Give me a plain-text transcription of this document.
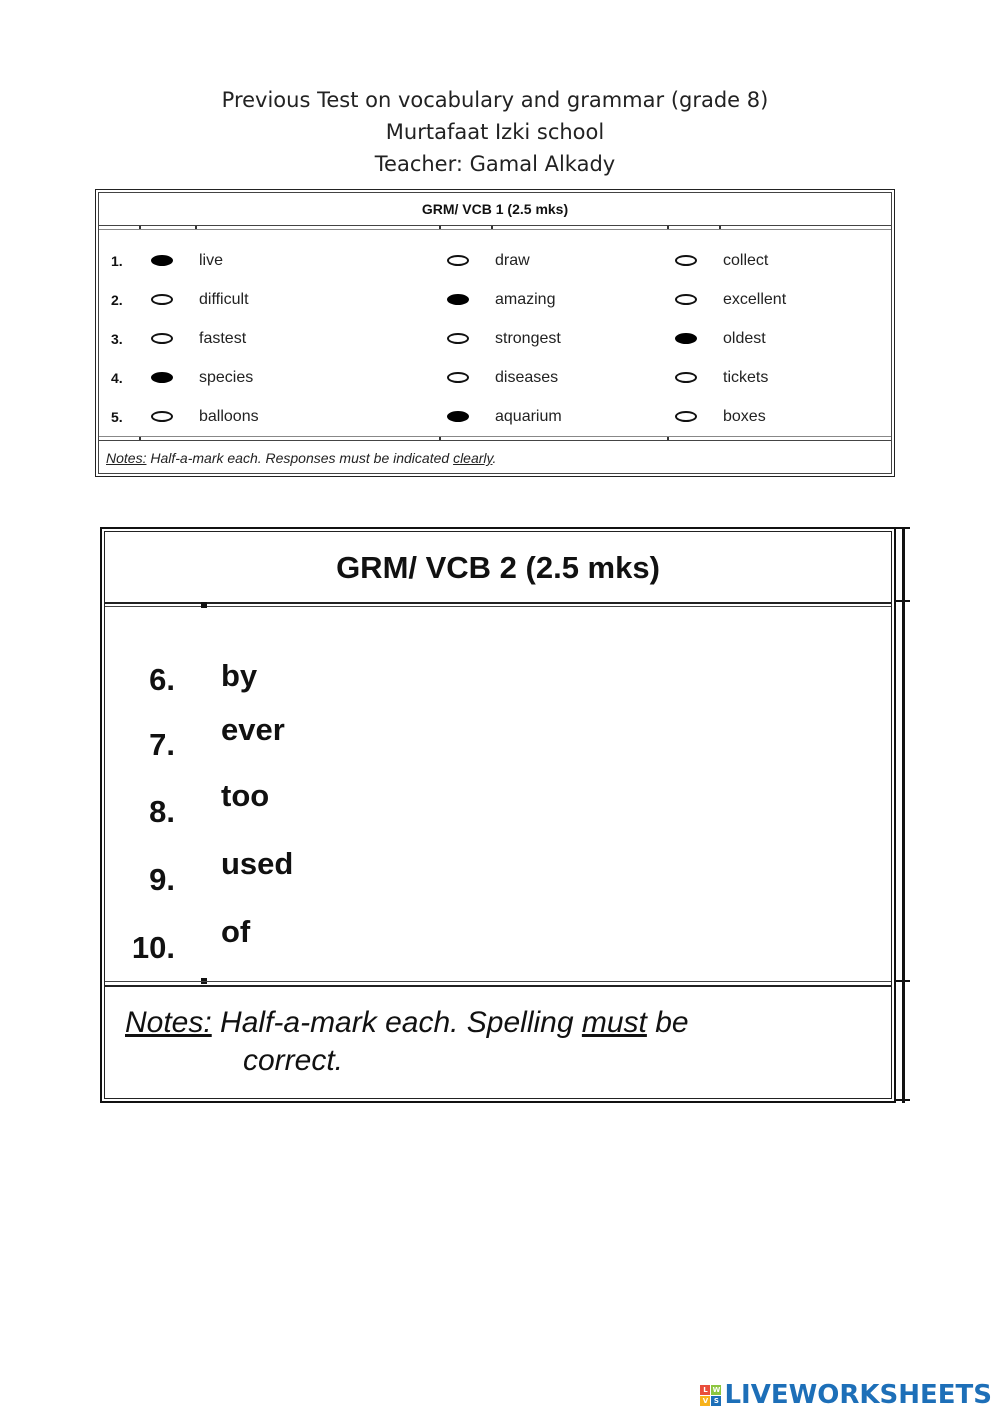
Previous Test on vocabulary and grammar (grade 8)
Murtafaat Izki school
Teacher: Gamal Alkady
GRM/ VCB 1 (2.5 mks)
1.	live	draw	collect
2.	difficult	amazing	excellent
3.	fastest	strongest	oldest
4.	species	diseases	tickets
5.	balloons	aquarium	boxes
Notes: Half-a-mark each. Responses must be indicated clearly.
GRM/ VCB 2 (2.5 mks)
6. by
7. ever
8. too
9. used
10. of
Notes: Half-a-mark each. Spelling must be
correct.
L W
V S LIVEWORKSHEETS
